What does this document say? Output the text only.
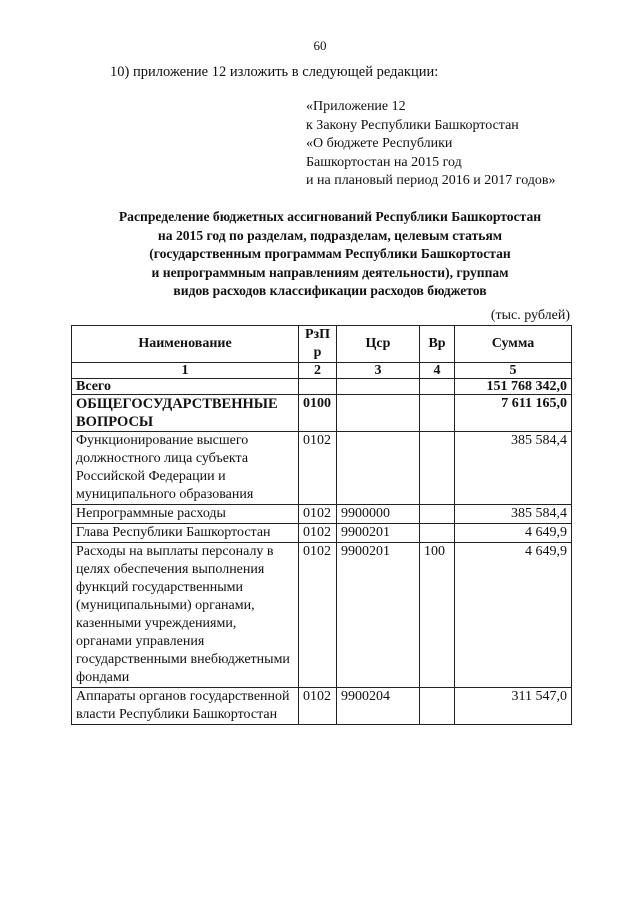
60
10) приложение 12 изложить в следующей редакции:
«Приложение 12
к Закону Республики Башкортостан
«О бюджете Республики
Башкортостан на 2015 год
и на плановый период 2016 и 2017 годов»
Распределение бюджетных ассигнований Республики Башкортостан
на 2015 год по разделам, подразделам, целевым статьям
(государственным программам Республики Башкортостан
и непрограммным направлениям деятельности), группам
видов расходов классификации расходов бюджетов
(тыс. рублей)
Наименование	РзП р	Цср	Вр	Сумма
1	2	3	4	5
Всего				151 768 342,0
ОБЩЕГОСУДАРСТВЕННЫЕ ВОПРОСЫ	0100			7 611 165,0
Функционирование высшего должностного лица субъекта Российской Федерации и муниципального образования	0102			385 584,4
Непрограммные расходы	0102	9900000		385 584,4
Глава Республики Башкортостан	0102	9900201		4 649,9
Расходы на выплаты персоналу в целях обеспечения выполнения функций государственными (муниципальными) органами, казенными учреждениями, органами управления государственными внебюджетными фондами	0102	9900201	100	4 649,9
Аппараты органов государственной власти Республики Башкортостан	0102	9900204		311 547,0
